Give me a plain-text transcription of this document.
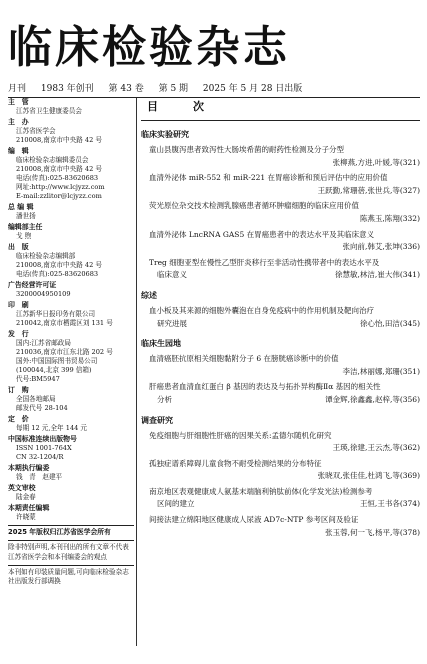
临床检验杂志
月刊 1983 年创刊 第 43 卷 第 5 期 2025 年 5 月 28 日出版
主　管
江苏省卫生健康委员会
主　办
江苏省医学会
210008,南京市中央路 42 号
编　辑
临床检验杂志编辑委员会
210008,南京市中央路 42 号
电话(传真):025-83620683
网址:http://www.lcjyzz.com
E-mail:zzlitor@lcjyzz.com
总 编 辑
潘世扬
编辑部主任
戈 煦
出　版
临床检验杂志编辑部
210008,南京市中央路 42 号
电话(传真):025-83620683
广告经营许可证
3200004950109
印　刷
江苏新华日报印务有限公司
210042,南京市栖霞区刘 131 号
发　行
国内:江苏省邮政局
210036,南京市江东北路 202 号
国外:中国国际图书贸易公司
(100044,北京 399 信箱)
代号:BM5947
订　购
全国各地邮局
邮发代号 28-104
定　价
每期 12 元,全年 144 元
中国标准连续出版物号
ISSN 1001-764X
CN 32-1204/R
本期执行编委
钱　青　赵建平
英文审校
陆金春
本期责任编辑
许晓蒙
2025 年版权归江苏省医学会所有
除非特别声明,本刊刊出的所有文章不代表江苏省医学会和本刊编委会的观点
本刊如有印装质量问题,可向临床检验杂志社出版发行部调换
目　次
临床实验研究
童山县腹泻患者致泻性大肠埃希菌的耐药性检测及分子分型
张柳燕,方进,叶媛,等(321)
血清外泌体 miR-552 和 miR-221 在胃癌诊断和预后评估中的应用价值
王跃勤,常珊蓓,张世兵,等(327)
荧光原位杂交技术检测乳腺癌患者循环肿瘤细胞的临床应用价值
陈燕玉,陈翔(332)
血清外泌体 LncRNA GAS5 在胃癌患者中的表达水平及其临床意义
张向前,韩艾,张坤(336)
Treg 细胞亚型在慢性乙型肝炎移行至非活动性携带者中的表达水平及
临床意义	徐慧敏,林洁,崔大伟(341)
综述
血小板及其来源的细胞外囊泡在自身免疫病中的作用机制及靶向治疗
研究进展	徐心怡,田洁(345)
临床生园地
血清癌胚抗原相关细胞黏附分子 6 在膀胱癌诊断中的价值
李洁,林丽娜,郑珊(351)
肝癌患者血清血红蛋白 β 基因的表达及与拓扑异构酶Ⅱα 基因的相关性
分析	谭金辉,徐鑫鑫,赵梓,等(356)
调查研究
免疫细胞与肝细胞性肝癌的因果关系:孟德尔随机化研究
王瑛,徐建,王云杰,等(362)
孤独症谱系障碍儿童食物不耐受检测结果的分布特征
张晓双,张佳佳,杜鸿飞,等(369)
南京地区表观健康成人氨基末端脑利钠肽前体(化学发光法)检测参考
区间的建立	王恒,王书各(374)
间接法建立绵阳地区健康成人尿液 AD7c-NTP 参考区间及验证
张玉蓉,何一飞,杨平,等(378)
